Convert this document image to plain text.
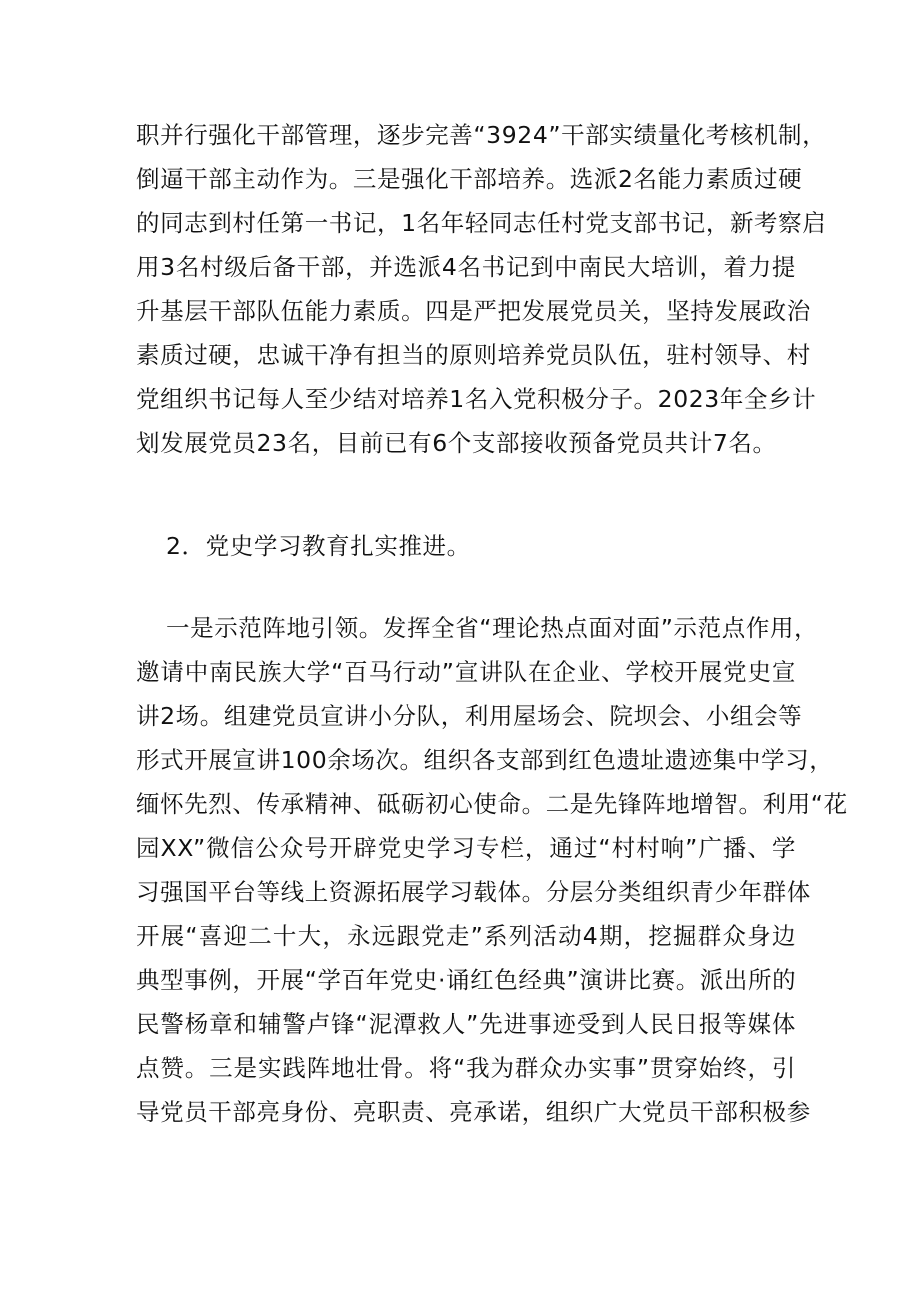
职并行强化干部管理，逐步完善“3924”干部实绩量化考核机制，
倒逼干部主动作为。三是强化干部培养。选派2名能力素质过硬
的同志到村任第一书记，1名年轻同志任村党支部书记，新考察启
用3名村级后备干部，并选派4名书记到中南民大培训，着力提
升基层干部队伍能力素质。四是严把发展党员关，坚持发展政治
素质过硬，忠诚干净有担当的原则培养党员队伍，驻村领导、村
党组织书记每人至少结对培养1名入党积极分子。2023年全乡计
划发展党员23名，目前已有6个支部接收预备党员共计7名。
2．党史学习教育扎实推进。
一是示范阵地引领。发挥全省“理论热点面对面”示范点作用，
邀请中南民族大学“百马行动”宣讲队在企业、学校开展党史宣
讲2场。组建党员宣讲小分队，利用屋场会、院坝会、小组会等
形式开展宣讲100余场次。组织各支部到红色遗址遗迹集中学习，
缅怀先烈、传承精神、砥砺初心使命。二是先锋阵地增智。利用“花
园XX”微信公众号开辟党史学习专栏，通过“村村响”广播、学
习强国平台等线上资源拓展学习载体。分层分类组织青少年群体
开展“喜迎二十大，永远跟党走”系列活动4期，挖掘群众身边
典型事例，开展“学百年党史·诵红色经典”演讲比赛。派出所的
民警杨章和辅警卢锋“泥潭救人”先进事迹受到人民日报等媒体
点赞。三是实践阵地壮骨。将“我为群众办实事”贯穿始终，引
导党员干部亮身份、亮职责、亮承诺，组织广大党员干部积极参
